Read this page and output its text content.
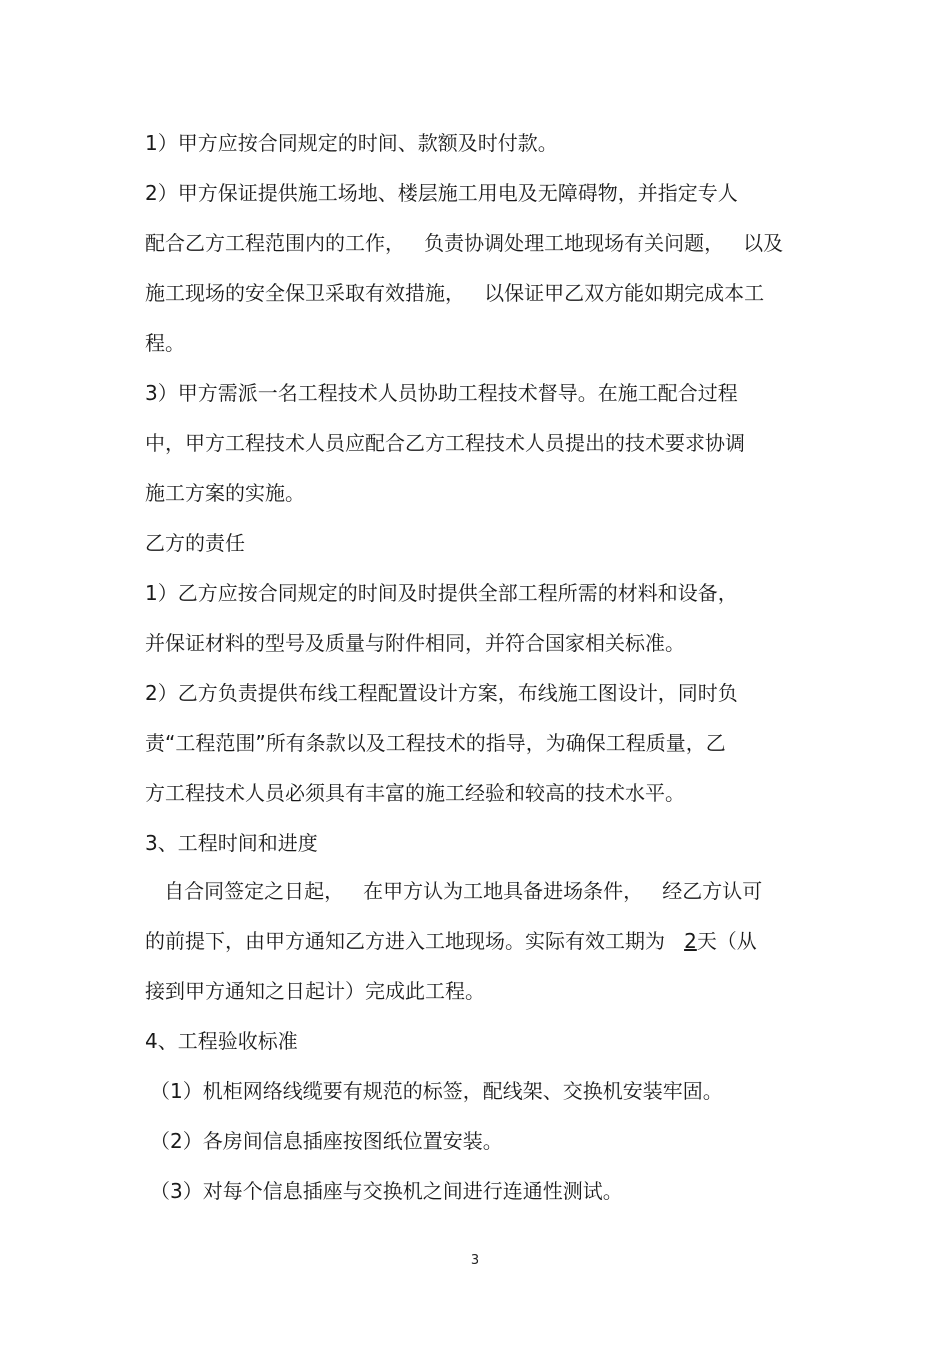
1）甲方应按合同规定的时间、款额及时付款。
2）甲方保证提供施工场地、楼层施工用电及无障碍物，并指定专人
配合乙方工程范围内的工作，   负责协调处理工地现场有关问题，   以及
施工现场的安全保卫采取有效措施，   以保证甲乙双方能如期完成本工
程。
3）甲方需派一名工程技术人员协助工程技术督导。在施工配合过程
中，甲方工程技术人员应配合乙方工程技术人员提出的技术要求协调
施工方案的实施。
乙方的责任
1）乙方应按合同规定的时间及时提供全部工程所需的材料和设备，
并保证材料的型号及质量与附件相同，并符合国家相关标准。
2）乙方负责提供布线工程配置设计方案，布线施工图设计，同时负
责“工程范围”所有条款以及工程技术的指导，为确保工程质量，乙
方工程技术人员必须具有丰富的施工经验和较高的技术水平。
3、工程时间和进度
自合同签定之日起，   在甲方认为工地具备进场条件，   经乙方认可
的前提下，由甲方通知乙方进入工地现场。实际有效工期为   2天（从
接到甲方通知之日起计）完成此工程。
4、工程验收标准
（1）机柜网络线缆要有规范的标签，配线架、交换机安装牢固。
（2）各房间信息插座按图纸位置安装。
（3）对每个信息插座与交换机之间进行连通性测试。
3
